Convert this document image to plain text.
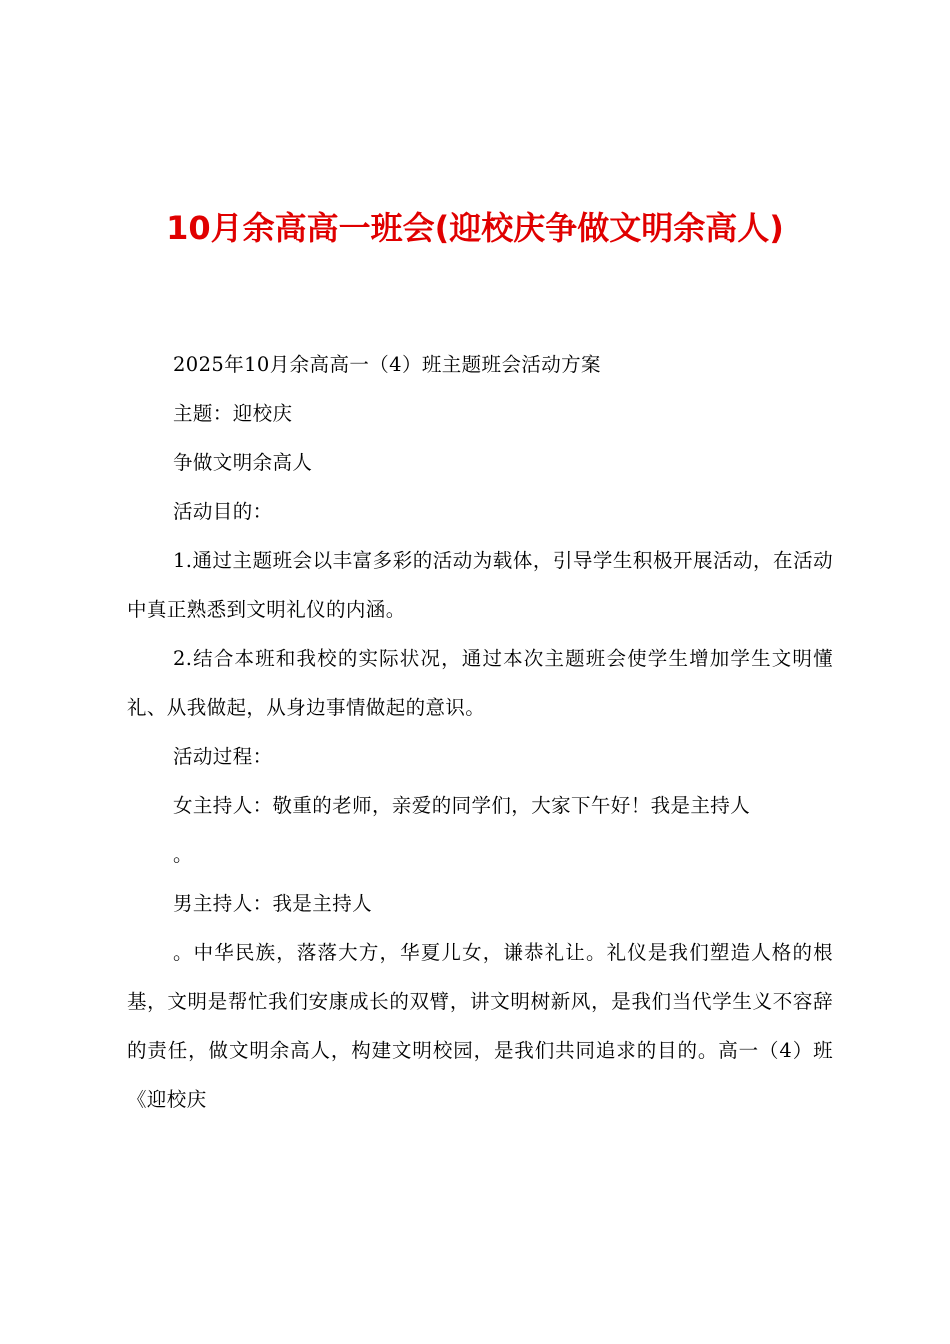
10月余高高一班会(迎校庆争做文明余高人)

2025年10月余高高一（4）班主题班会活动方案

主题：迎校庆

争做文明余高人

活动目的：

1.通过主题班会以丰富多彩的活动为载体，引导学生积极开展活动，在活动中真正熟悉到文明礼仪的内涵。

2.结合本班和我校的实际状况，通过本次主题班会使学生增加学生文明懂礼、从我做起，从身边事情做起的意识。

活动过程：

女主持人：敬重的老师，亲爱的同学们，大家下午好！我是主持人

。

男主持人：我是主持人

。中华民族，落落大方，华夏儿女，谦恭礼让。礼仪是我们塑造人格的根基，文明是帮忙我们安康成长的双臂，讲文明树新风，是我们当代学生义不容辞的责任，做文明余高人，构建文明校园，是我们共同追求的目的。高一（4）班《迎校庆
